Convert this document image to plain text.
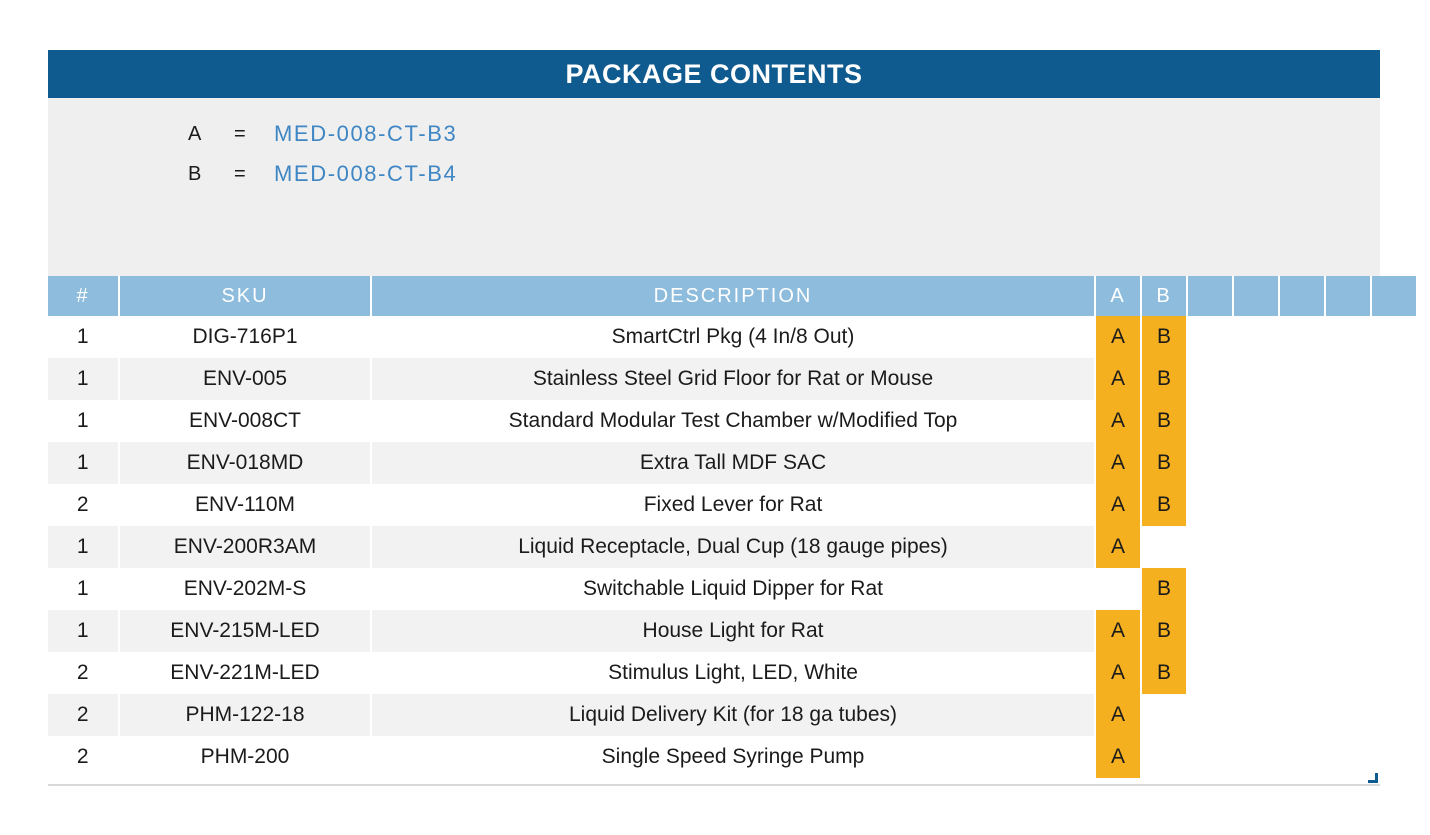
PACKAGE CONTENTS
A	=	MED-008-CT-B3
B	=	MED-008-CT-B4
#	SKU	DESCRIPTION	A	B					
1	DIG-716P1	SmartCtrl Pkg (4 In/8 Out)	A	B					
1	ENV-005	Stainless Steel Grid Floor for Rat or Mouse	A	B					
1	ENV-008CT	Standard Modular Test Chamber w/Modified Top	A	B					
1	ENV-018MD	Extra Tall MDF SAC	A	B					
2	ENV-110M	Fixed Lever for Rat	A	B					
1	ENV-200R3AM	Liquid Receptacle, Dual Cup (18 gauge pipes)	A						
1	ENV-202M-S	Switchable Liquid Dipper for Rat		B					
1	ENV-215M-LED	House Light for Rat	A	B					
2	ENV-221M-LED	Stimulus Light, LED, White	A	B					
2	PHM-122-18	Liquid Delivery Kit (for 18 ga tubes)	A						
2	PHM-200	Single Speed Syringe Pump	A						
